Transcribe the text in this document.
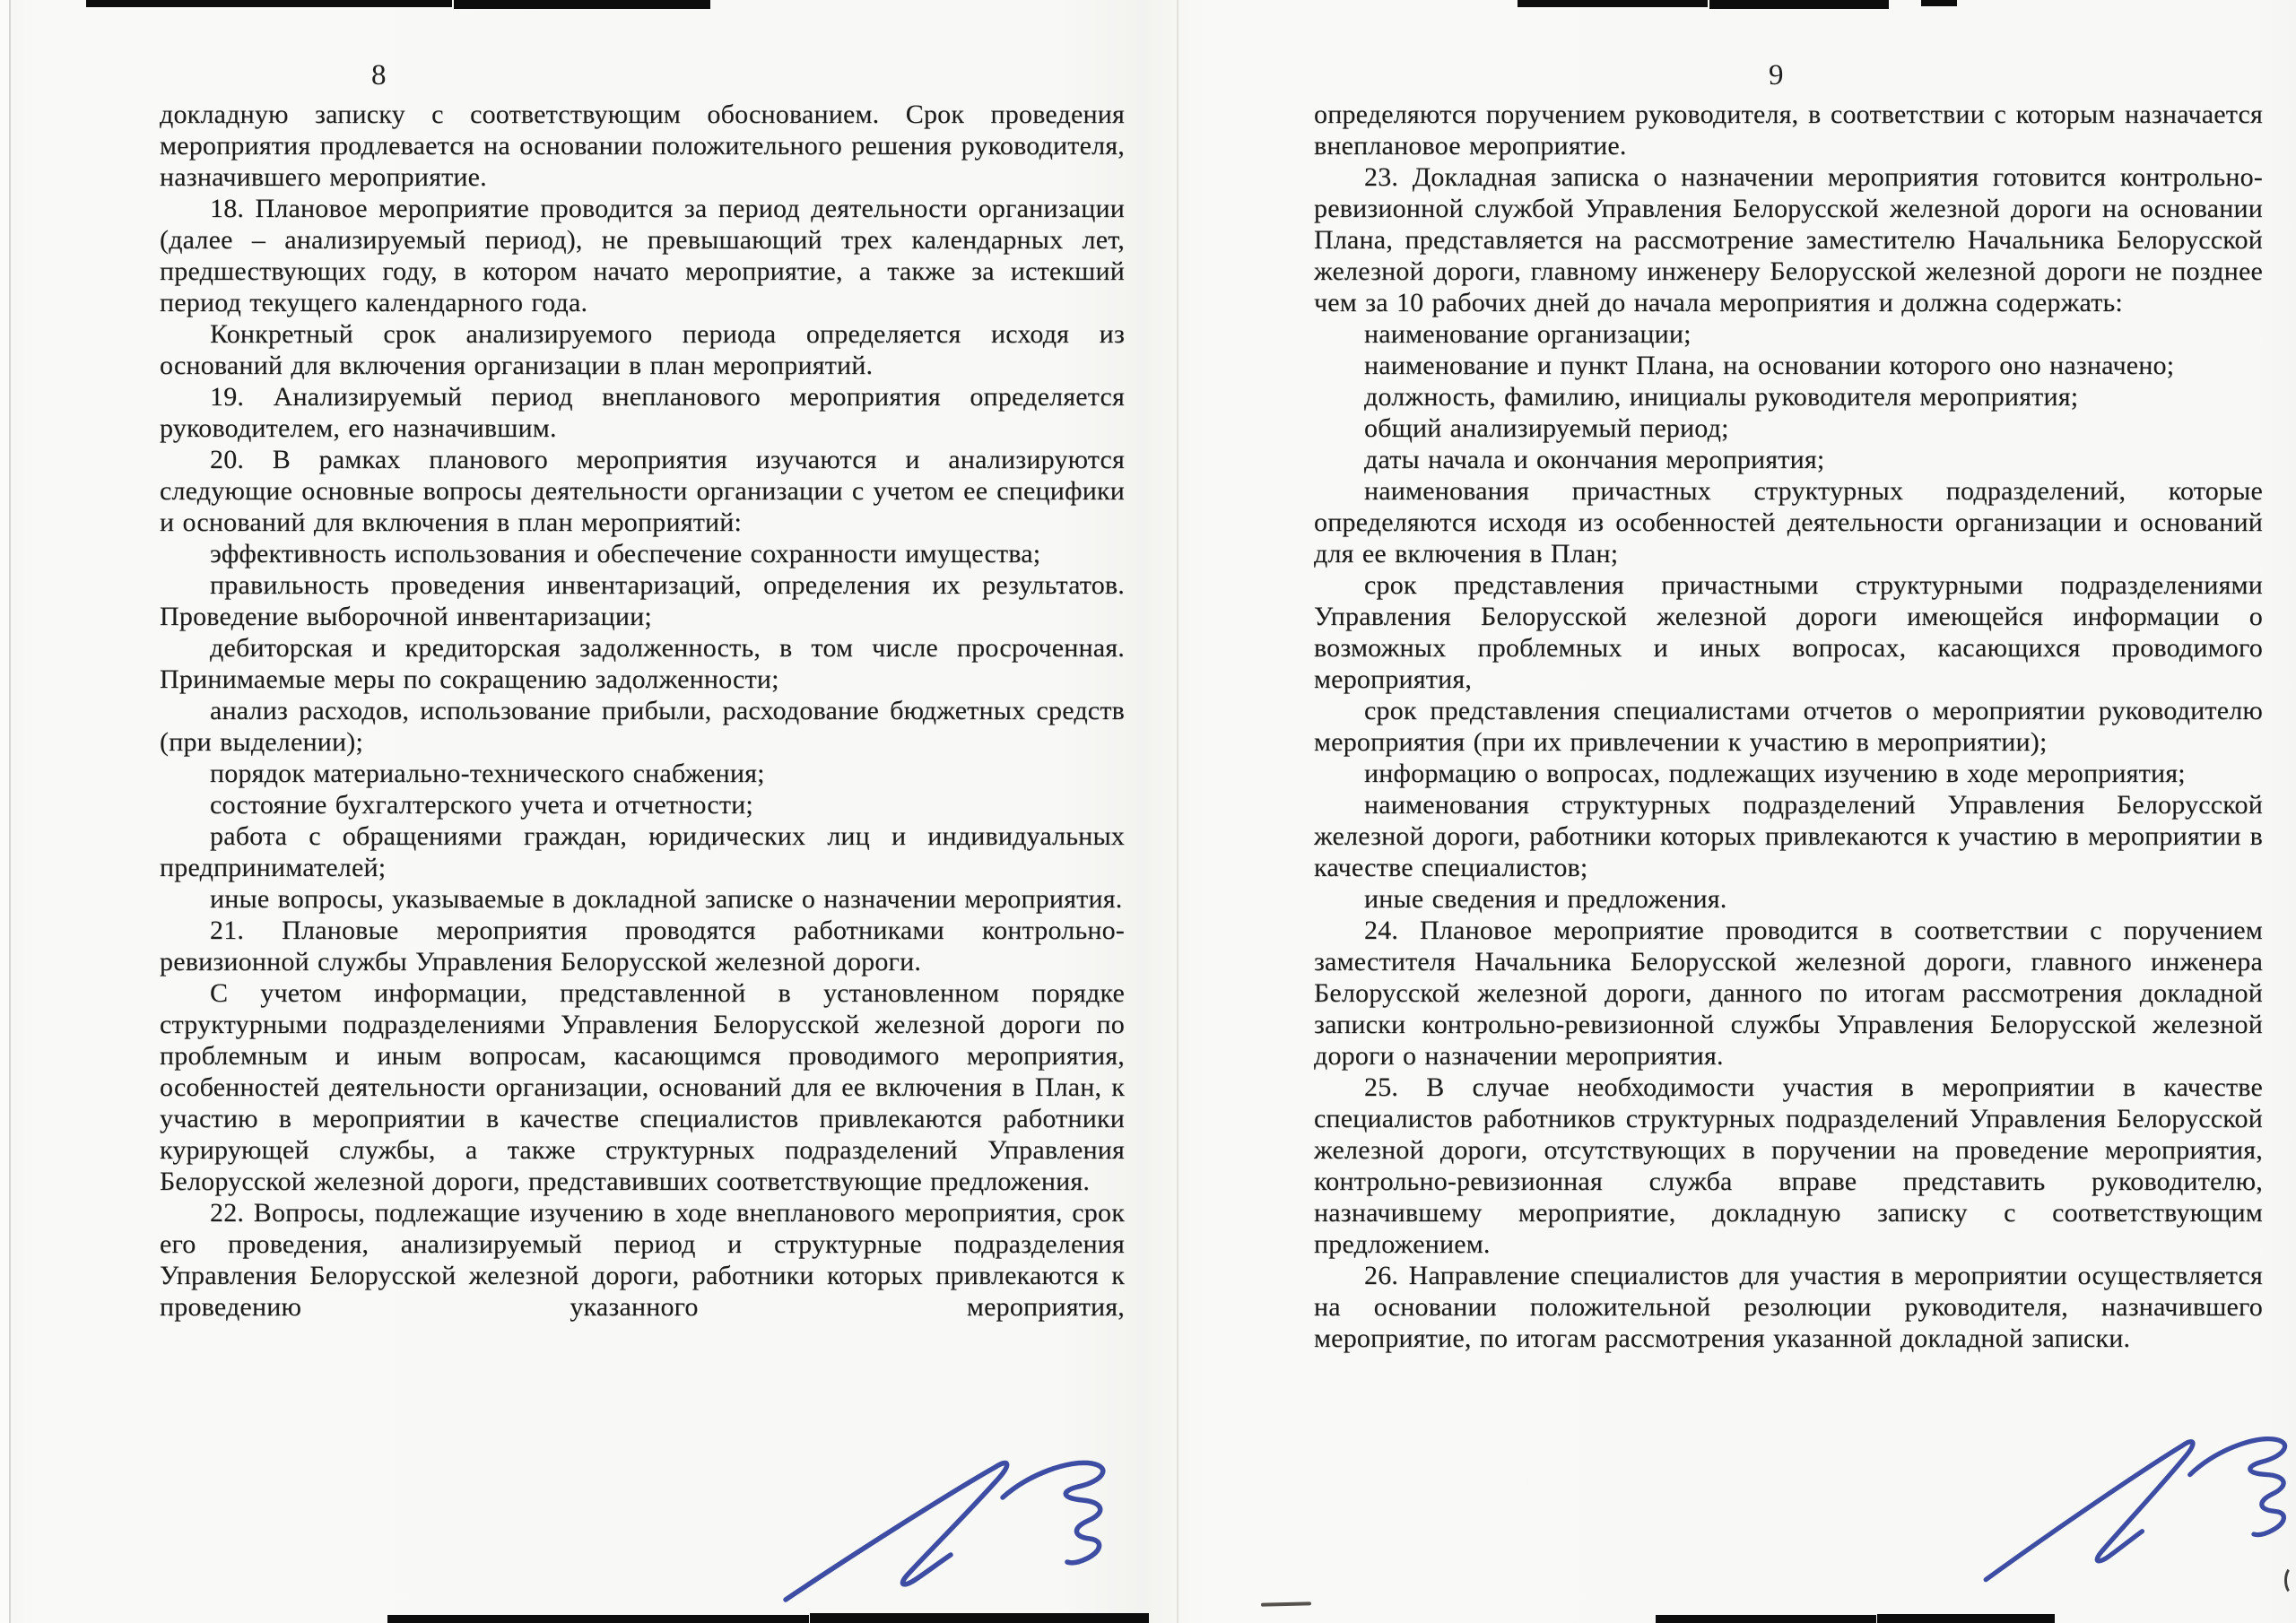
8

докладную записку с соответствующим обоснованием. Срок проведения мероприятия продлевается на основании положительного решения руководителя, назначившего мероприятие.

18. Плановое мероприятие проводится за период деятельности организации (далее – анализируемый период), не превышающий трех календарных лет, предшествующих году, в котором начато мероприятие, а также за истекший период текущего календарного года.

Конкретный срок анализируемого периода определяется исходя из оснований для включения организации в план мероприятий.

19. Анализируемый период внепланового мероприятия определяется руководителем, его назначившим.

20. В рамках планового мероприятия изучаются и анализируются следующие основные вопросы деятельности организации с учетом ее специфики и оснований для включения в план мероприятий:

эффективность использования и обеспечение сохранности имущества;

правильность проведения инвентаризаций, определения их результатов. Проведение выборочной инвентаризации;

дебиторская и кредиторская задолженность, в том числе просроченная. Принимаемые меры по сокращению задолженности;

анализ расходов, использование прибыли, расходование бюджетных средств (при выделении);

порядок материально-технического снабжения;

состояние бухгалтерского учета и отчетности;

работа с обращениями граждан, юридических лиц и индивидуальных предпринимателей;

иные вопросы, указываемые в докладной записке о назначении мероприятия.

21. Плановые мероприятия проводятся работниками контрольно-ревизионной службы Управления Белорусской железной дороги.

С учетом информации, представленной в установленном порядке структурными подразделениями Управления Белорусской железной дороги по проблемным и иным вопросам, касающимся проводимого мероприятия, особенностей деятельности организации, оснований для ее включения в План, к участию в мероприятии в качестве специалистов привлекаются работники курирующей службы, а также структурных подразделений Управления Белорусской железной дороги, представивших соответствующие предложения.

22. Вопросы, подлежащие изучению в ходе внепланового мероприятия, срок его проведения, анализируемый период и структурные подразделения Управления Белорусской железной дороги, работники которых привлекаются к проведению указанного мероприятия,

9

определяются поручением руководителя, в соответствии с которым назначается внеплановое мероприятие.

23. Докладная записка о назначении мероприятия готовится контрольно-ревизионной службой Управления Белорусской железной дороги на основании Плана, представляется на рассмотрение заместителю Начальника Белорусской железной дороги, главному инженеру Белорусской железной дороги не позднее чем за 10 рабочих дней до начала мероприятия и должна содержать:

наименование организации;

наименование и пункт Плана, на основании которого оно назначено;

должность, фамилию, инициалы руководителя мероприятия;

общий анализируемый период;

даты начала и окончания мероприятия;

наименования причастных структурных подразделений, которые определяются исходя из особенностей деятельности организации и оснований для ее включения в План;

срок представления причастными структурными подразделениями Управления Белорусской железной дороги имеющейся информации о возможных проблемных и иных вопросах, касающихся проводимого мероприятия,

срок представления специалистами отчетов о мероприятии руководителю мероприятия (при их привлечении к участию в мероприятии);

информацию о вопросах, подлежащих изучению в ходе мероприятия;

наименования структурных подразделений Управления Белорусской железной дороги, работники которых привлекаются к участию в мероприятии в качестве специалистов;

иные сведения и предложения.

24. Плановое мероприятие проводится в соответствии с поручением заместителя Начальника Белорусской железной дороги, главного инженера Белорусской железной дороги, данного по итогам рассмотрения докладной записки контрольно-ревизионной службы Управления Белорусской железной дороги о назначении мероприятия.

25. В случае необходимости участия в мероприятии в качестве специалистов работников структурных подразделений Управления Белорусской железной дороги, отсутствующих в поручении на проведение мероприятия, контрольно-ревизионная служба вправе представить руководителю, назначившему мероприятие, докладную записку с соответствующим предложением.

26. Направление специалистов для участия в мероприятии осуществляется на основании положительной резолюции руководителя, назначившего мероприятие, по итогам рассмотрения указанной докладной записки.
